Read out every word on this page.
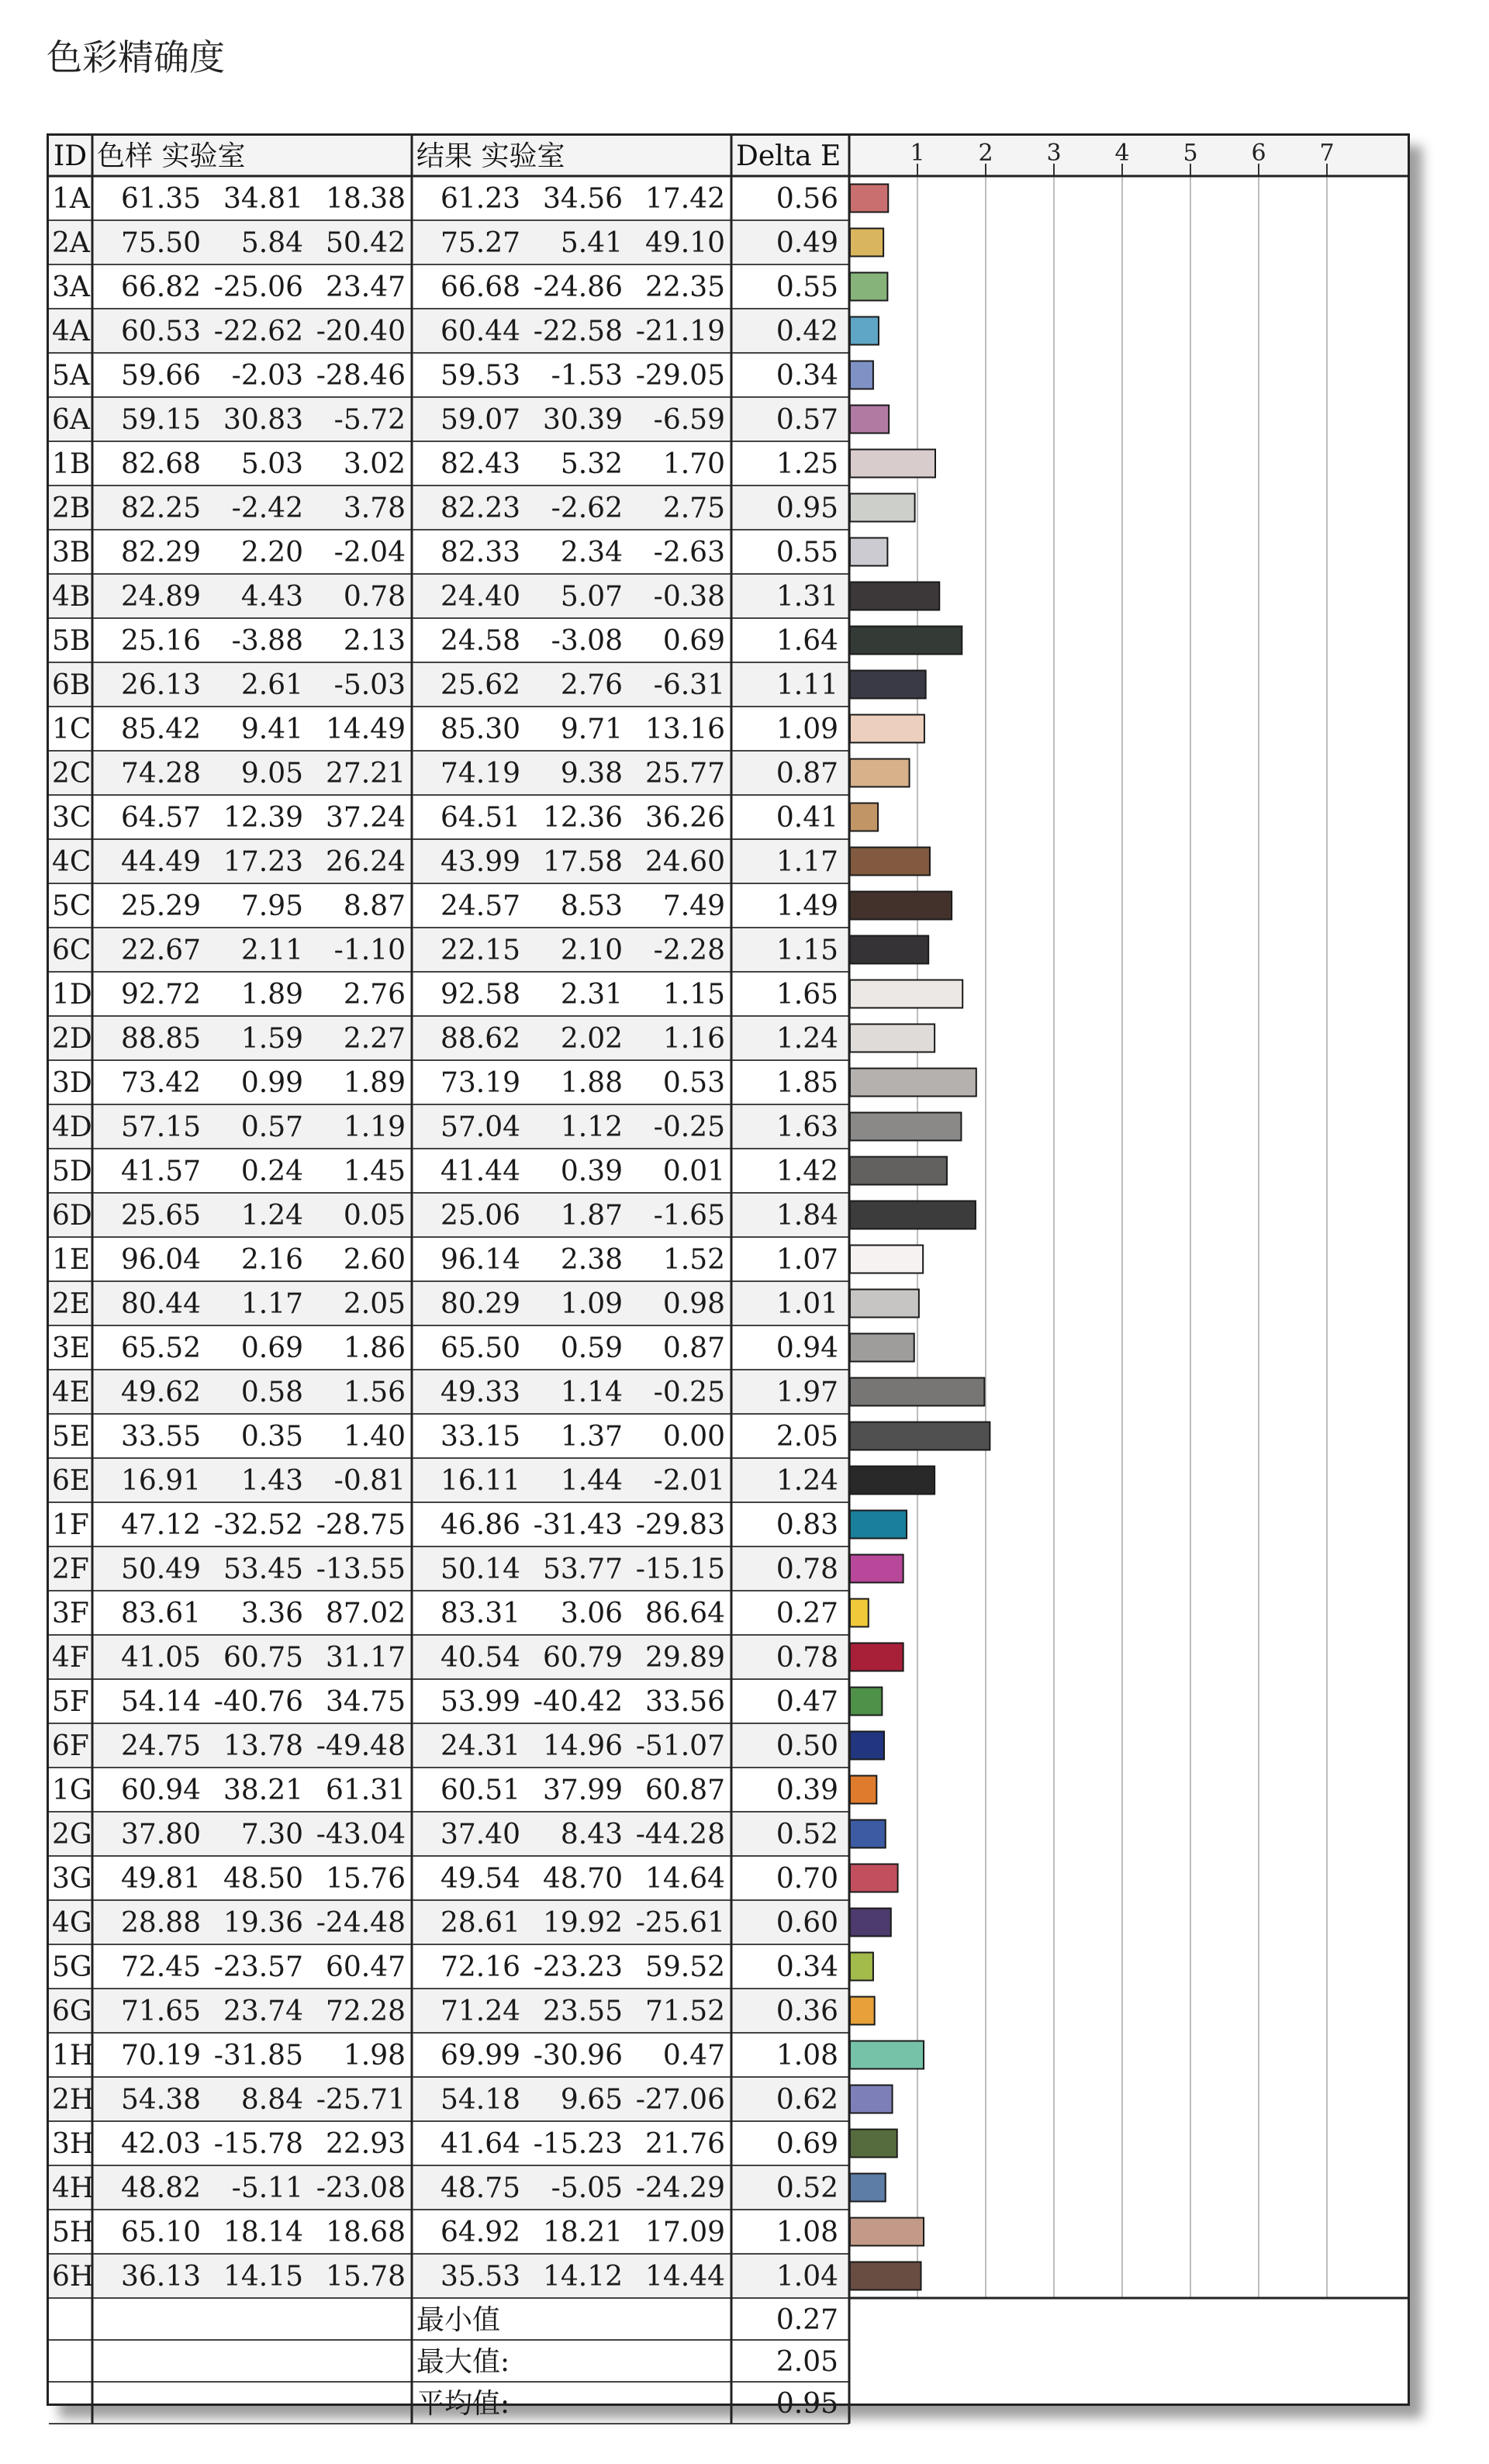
色彩精确度
ID 色样 实验室	结果 实验室	Delta E	1 2 3 4 5 6 7
1A 61.35 34.81 18.38 61.23 34.56 17.42 0.56
2A 75.50 5.84 50.42 75.27 5.41 49.10 0.49
3A 66.82 -25.06 23.47 66.68 -24.86 22.35 0.55
4A 60.53 -22.62 -20.40 60.44 -22.58 -21.19 0.42
5A 59.66 -2.03 -28.46 59.53 -1.53 -29.05 0.34
6A 59.15 30.83 -5.72 59.07 30.39 -6.59 0.57
1B 82.68 5.03 3.02 82.43 5.32 1.70 1.25
2B 82.25 -2.42 3.78 82.23 -2.62 2.75 0.95
3B 82.29 2.20 -2.04 82.33 2.34 -2.63 0.55
4B 24.89 4.43 0.78 24.40 5.07 -0.38 1.31
5B 25.16 -3.88 2.13 24.58 -3.08 0.69 1.64
6B 26.13 2.61 -5.03 25.62 2.76 -6.31 1.11
1C 85.42 9.41 14.49 85.30 9.71 13.16 1.09
2C 74.28 9.05 27.21 74.19 9.38 25.77 0.87
3C 64.57 12.39 37.24 64.51 12.36 36.26 0.41
4C 44.49 17.23 26.24 43.99 17.58 24.60 1.17
5C 25.29 7.95 8.87 24.57 8.53 7.49 1.49
6C 22.67 2.11 -1.10 22.15 2.10 -2.28 1.15
1D 92.72 1.89 2.76 92.58 2.31 1.15 1.65
2D 88.85 1.59 2.27 88.62 2.02 1.16 1.24
3D 73.42 0.99 1.89 73.19 1.88 0.53 1.85
4D 57.15 0.57 1.19 57.04 1.12 -0.25 1.63
5D 41.57 0.24 1.45 41.44 0.39 0.01 1.42
6D 25.65 1.24 0.05 25.06 1.87 -1.65 1.84
1E 96.04 2.16 2.60 96.14 2.38 1.52 1.07
2E 80.44 1.17 2.05 80.29 1.09 0.98 1.01
3E 65.52 0.69 1.86 65.50 0.59 0.87 0.94
4E 49.62 0.58 1.56 49.33 1.14 -0.25 1.97
5E 33.55 0.35 1.40 33.15 1.37 0.00 2.05
6E 16.91 1.43 -0.81 16.11 1.44 -2.01 1.24
1F 47.12 -32.52 -28.75 46.86 -31.43 -29.83 0.83
2F 50.49 53.45 -13.55 50.14 53.77 -15.15 0.78
3F 83.61 3.36 87.02 83.31 3.06 86.64 0.27
4F 41.05 60.75 31.17 40.54 60.79 29.89 0.78
5F 54.14 -40.76 34.75 53.99 -40.42 33.56 0.47
6F 24.75 13.78 -49.48 24.31 14.96 -51.07 0.50
1G 60.94 38.21 61.31 60.51 37.99 60.87 0.39
2G 37.80 7.30 -43.04 37.40 8.43 -44.28 0.52
3G 49.81 48.50 15.76 49.54 48.70 14.64 0.70
4G 28.88 19.36 -24.48 28.61 19.92 -25.61 0.60
5G 72.45 -23.57 60.47 72.16 -23.23 59.52 0.34
6G 71.65 23.74 72.28 71.24 23.55 71.52 0.36
1H 70.19 -31.85 1.98 69.99 -30.96 0.47 1.08
2H 54.38 8.84 -25.71 54.18 9.65 -27.06 0.62
3H 42.03 -15.78 22.93 41.64 -15.23 21.76 0.69
4H 48.82 -5.11 -23.08 48.75 -5.05 -24.29 0.52
5H 65.10 18.14 18.68 64.92 18.21 17.09 1.08
6H 36.13 14.15 15.78 35.53 14.12 14.44 1.04
最小值	0.27
最大值:	2.05
平均值:	0.95
